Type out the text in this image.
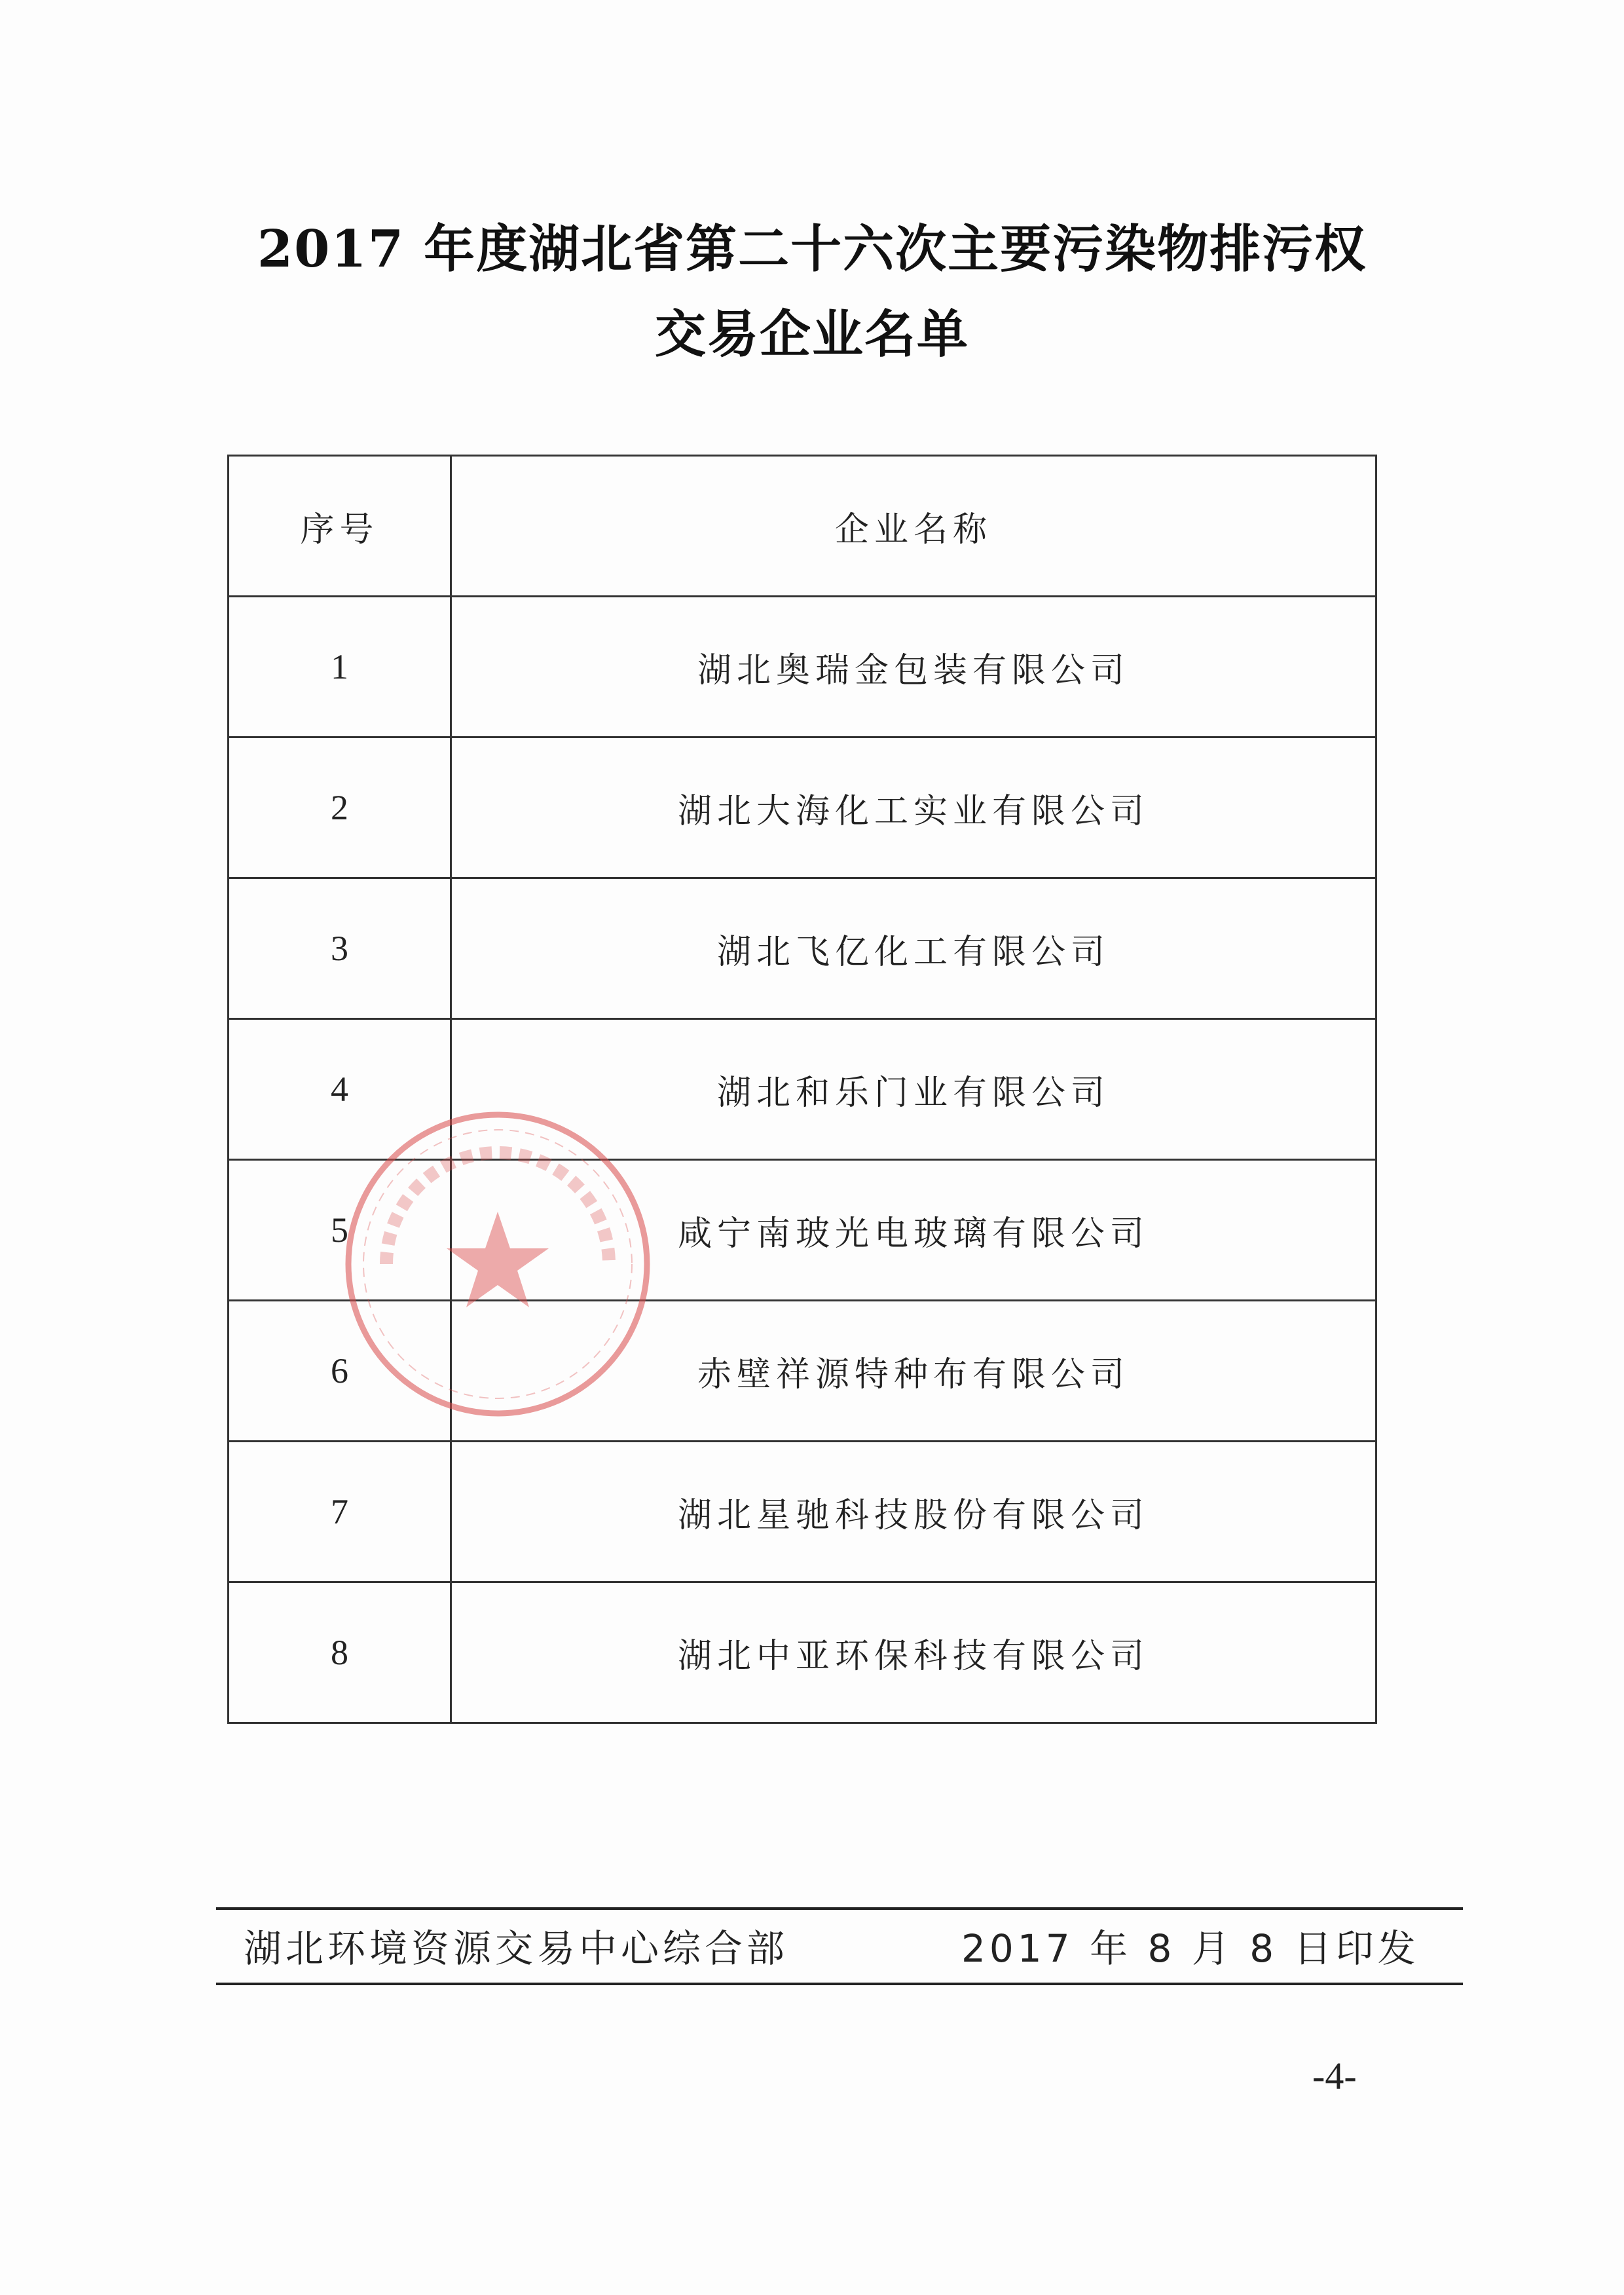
2017 年度湖北省第二十六次主要污染物排污权
交易企业名单
序号	企业名称
1	湖北奥瑞金包装有限公司
2	湖北大海化工实业有限公司
3	湖北飞亿化工有限公司
4	湖北和乐门业有限公司
5	咸宁南玻光电玻璃有限公司
6	赤壁祥源特种布有限公司
7	湖北星驰科技股份有限公司
8	湖北中亚环保科技有限公司
湖北环境资源交易中心综合部	2017 年 8 月 8 日印发
-4-
